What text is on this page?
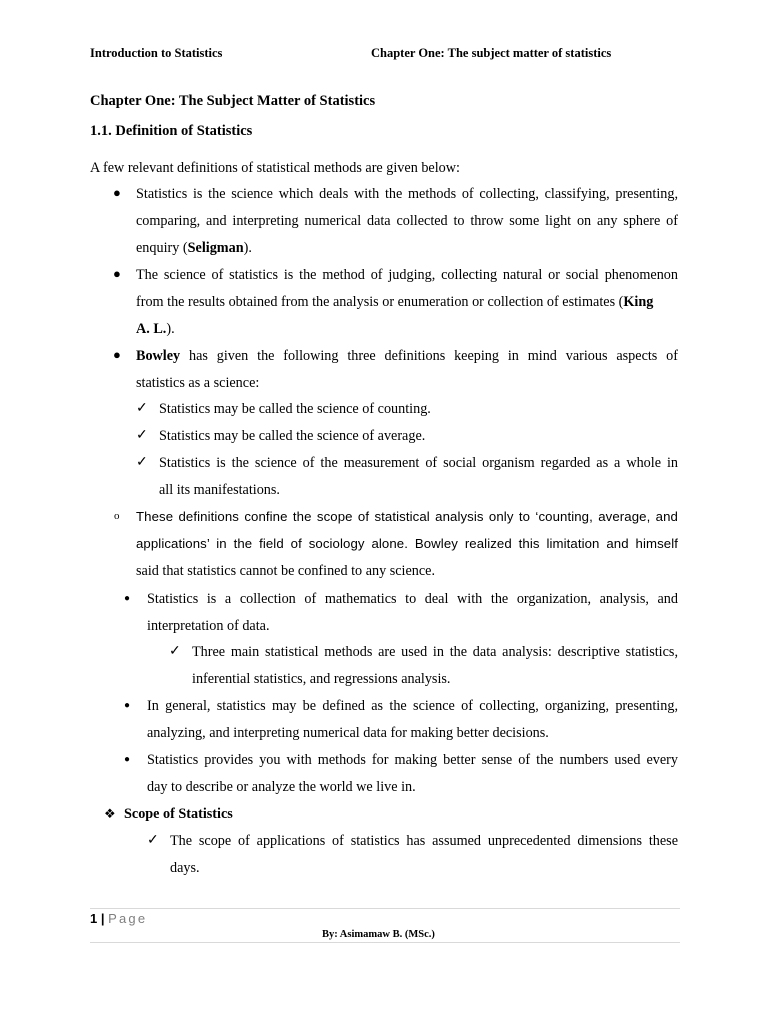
Introduction to Statistics	Chapter One: The subject matter of statistics
Chapter One: The Subject Matter of Statistics
1.1. Definition of Statistics
A few relevant definitions of statistical methods are given below:
● Statistics is the science which deals with the methods of collecting, classifying, presenting,
comparing, and interpreting numerical data collected to throw some light on any sphere of
enquiry (Seligman).
● The science of statistics is the method of judging, collecting natural or social phenomenon
from the results obtained from the analysis or enumeration or collection of estimates (King
A. L.).
● Bowley has given the following three definitions keeping in mind various aspects of
statistics as a science:
✓ Statistics may be called the science of counting.
✓ Statistics may be called the science of average.
✓ Statistics is the science of the measurement of social organism regarded as a whole in
all its manifestations.
o These definitions confine the scope of statistical analysis only to ‘counting, average, and
applications’ in the field of sociology alone. Bowley realized this limitation and himself
said that statistics cannot be confined to any science.
● Statistics is a collection of mathematics to deal with the organization, analysis, and
interpretation of data.
✓ Three main statistical methods are used in the data analysis: descriptive statistics,
inferential statistics, and regressions analysis.
● In general, statistics may be defined as the science of collecting, organizing, presenting,
analyzing, and interpreting numerical data for making better decisions.
● Statistics provides you with methods for making better sense of the numbers used every
day to describe or analyze the world we live in.
❖ Scope of Statistics
✓ The scope of applications of statistics has assumed unprecedented dimensions these
days.
1 | Page
By: Asimamaw B. (MSc.)
